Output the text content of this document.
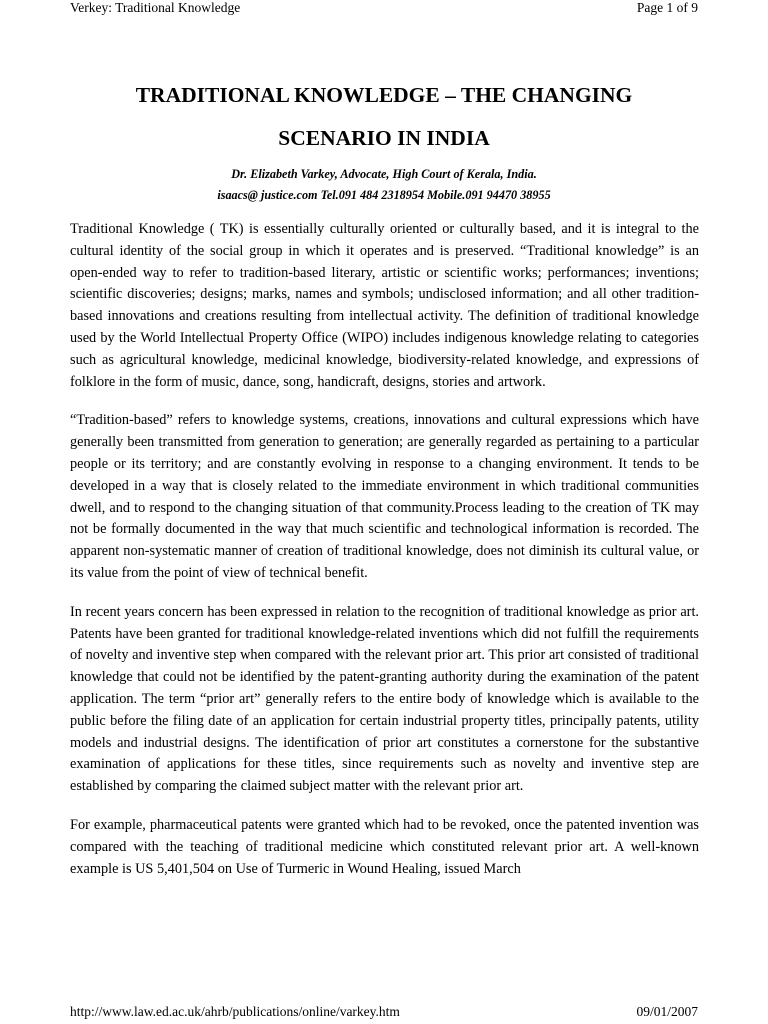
Verkey: Traditional Knowledge	Page 1 of 9
TRADITIONAL KNOWLEDGE – THE CHANGING
SCENARIO IN INDIA
Dr. Elizabeth Varkey, Advocate, High Court of Kerala, India.
isaacs@ justice.com Tel.091 484 2318954 Mobile.091 94470 38955

Traditional Knowledge ( TK) is essentially culturally oriented or culturally based, and it is integral to the cultural identity of the social group in which it operates and is preserved. “Traditional knowledge” is an open-ended way to refer to tradition-based literary, artistic or scientific works; performances; inventions; scientific discoveries; designs; marks, names and symbols; undisclosed information; and all other tradition-based innovations and creations resulting from intellectual activity. The definition of traditional knowledge used by the World Intellectual Property Office (WIPO) includes indigenous knowledge relating to categories such as agricultural knowledge, medicinal knowledge, biodiversity-related knowledge, and expressions of folklore in the form of music, dance, song, handicraft, designs, stories and artwork.

“Tradition-based” refers to knowledge systems, creations, innovations and cultural expressions which have generally been transmitted from generation to generation; are generally regarded as pertaining to a particular people or its territory; and are constantly evolving in response to a changing environment. It tends to be developed in a way that is closely related to the immediate environment in which traditional communities dwell, and to respond to the changing situation of that community.Process leading to the creation of TK may not be formally documented in the way that much scientific and technological information is recorded. The apparent non-systematic manner of creation of traditional knowledge, does not diminish its cultural value, or its value from the point of view of technical benefit.

In recent years concern has been expressed in relation to the recognition of traditional knowledge as prior art. Patents have been granted for traditional knowledge-related inventions which did not fulfill the requirements of novelty and inventive step when compared with the relevant prior art. This prior art consisted of traditional knowledge that could not be identified by the patent-granting authority during the examination of the patent application. The term “prior art” generally refers to the entire body of knowledge which is available to the public before the filing date of an application for certain industrial property titles, principally patents, utility models and industrial designs. The identification of prior art constitutes a cornerstone for the substantive examination of applications for these titles, since requirements such as novelty and inventive step are established by comparing the claimed subject matter with the relevant prior art.

For example, pharmaceutical patents were granted which had to be revoked, once the patented invention was compared with the teaching of traditional medicine which constituted relevant prior art. A well-known example is US 5,401,504 on Use of Turmeric in Wound Healing, issued March

http://www.law.ed.ac.uk/ahrb/publications/online/varkey.htm	09/01/2007
